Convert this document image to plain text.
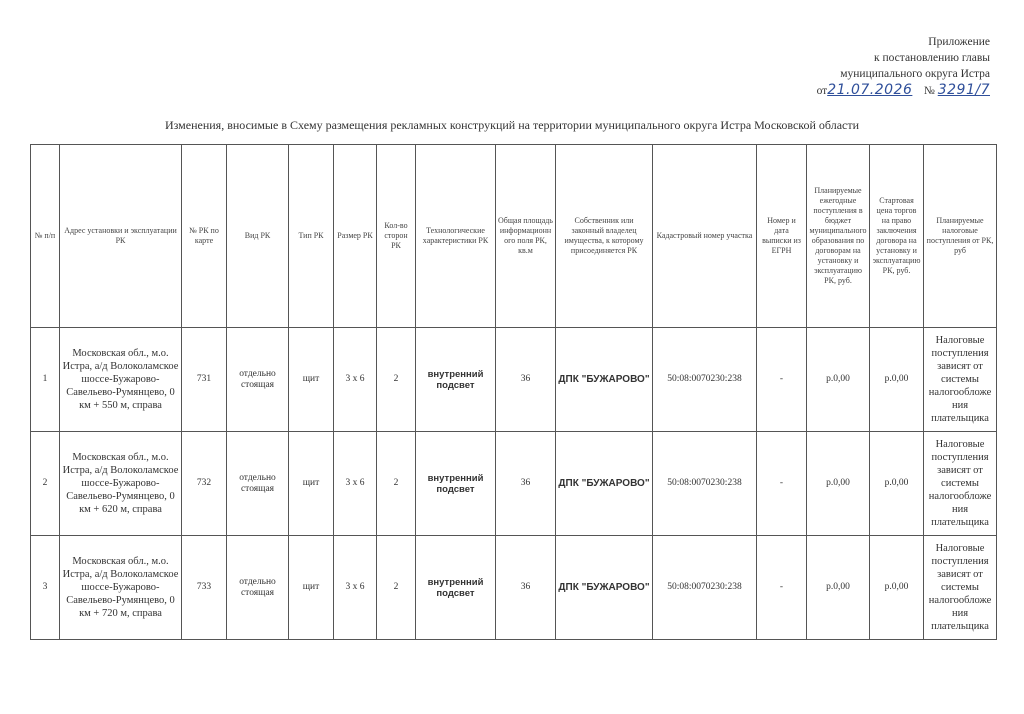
Приложение
к постановлению главы
муниципального округа Истра
от21.07.2026 № 3291/7
Изменения, вносимые в Схему размещения рекламных конструкций на территории муниципального округа Истра Московской области
№ п/п	Адрес установки и эксплуатации РК	№ РК по карте	Вид РК	Тип РК	Размер РК	Кол-во сторон РК	Технологические характеристики РК	Общая площадь информационного поля РК, кв.м	Собственник или законный владелец имущества, к которому присоединяется РК	Кадастровый номер участка	Номер и дата выписки из ЕГРН	Планируемые ежегодные поступления в бюджет муниципального образования по договорам на установку и эксплуатацию РК, руб.	Стартовая цена торгов на право заключения договора на установку и эксплуатацию РК, руб.	Планируемые налоговые поступления от РК, руб
1	Московская обл., м.о. Истра, а/д Волоколамское шоссе-Бужарово-Савельево-Румянцево, 0 км + 550 м, справа	731	отдельно стоящая	щит	3 х 6	2	внутренний подсвет	36	ДПК "БУЖАРОВО"	50:08:0070230:238	-	р.0,00	р.0,00	Налоговые поступления зависят от системы налогообложения плательщика
2	Московская обл., м.о. Истра, а/д Волоколамское шоссе-Бужарово-Савельево-Румянцево, 0 км + 620 м, справа	732	отдельно стоящая	щит	3 х 6	2	внутренний подсвет	36	ДПК "БУЖАРОВО"	50:08:0070230:238	-	р.0,00	р.0,00	Налоговые поступления зависят от системы налогообложения плательщика
3	Московская обл., м.о. Истра, а/д Волоколамское шоссе-Бужарово-Савельево-Румянцево, 0 км + 720 м, справа	733	отдельно стоящая	щит	3 х 6	2	внутренний подсвет	36	ДПК "БУЖАРОВО"	50:08:0070230:238	-	р.0,00	р.0,00	Налоговые поступления зависят от системы налогообложения плательщика
